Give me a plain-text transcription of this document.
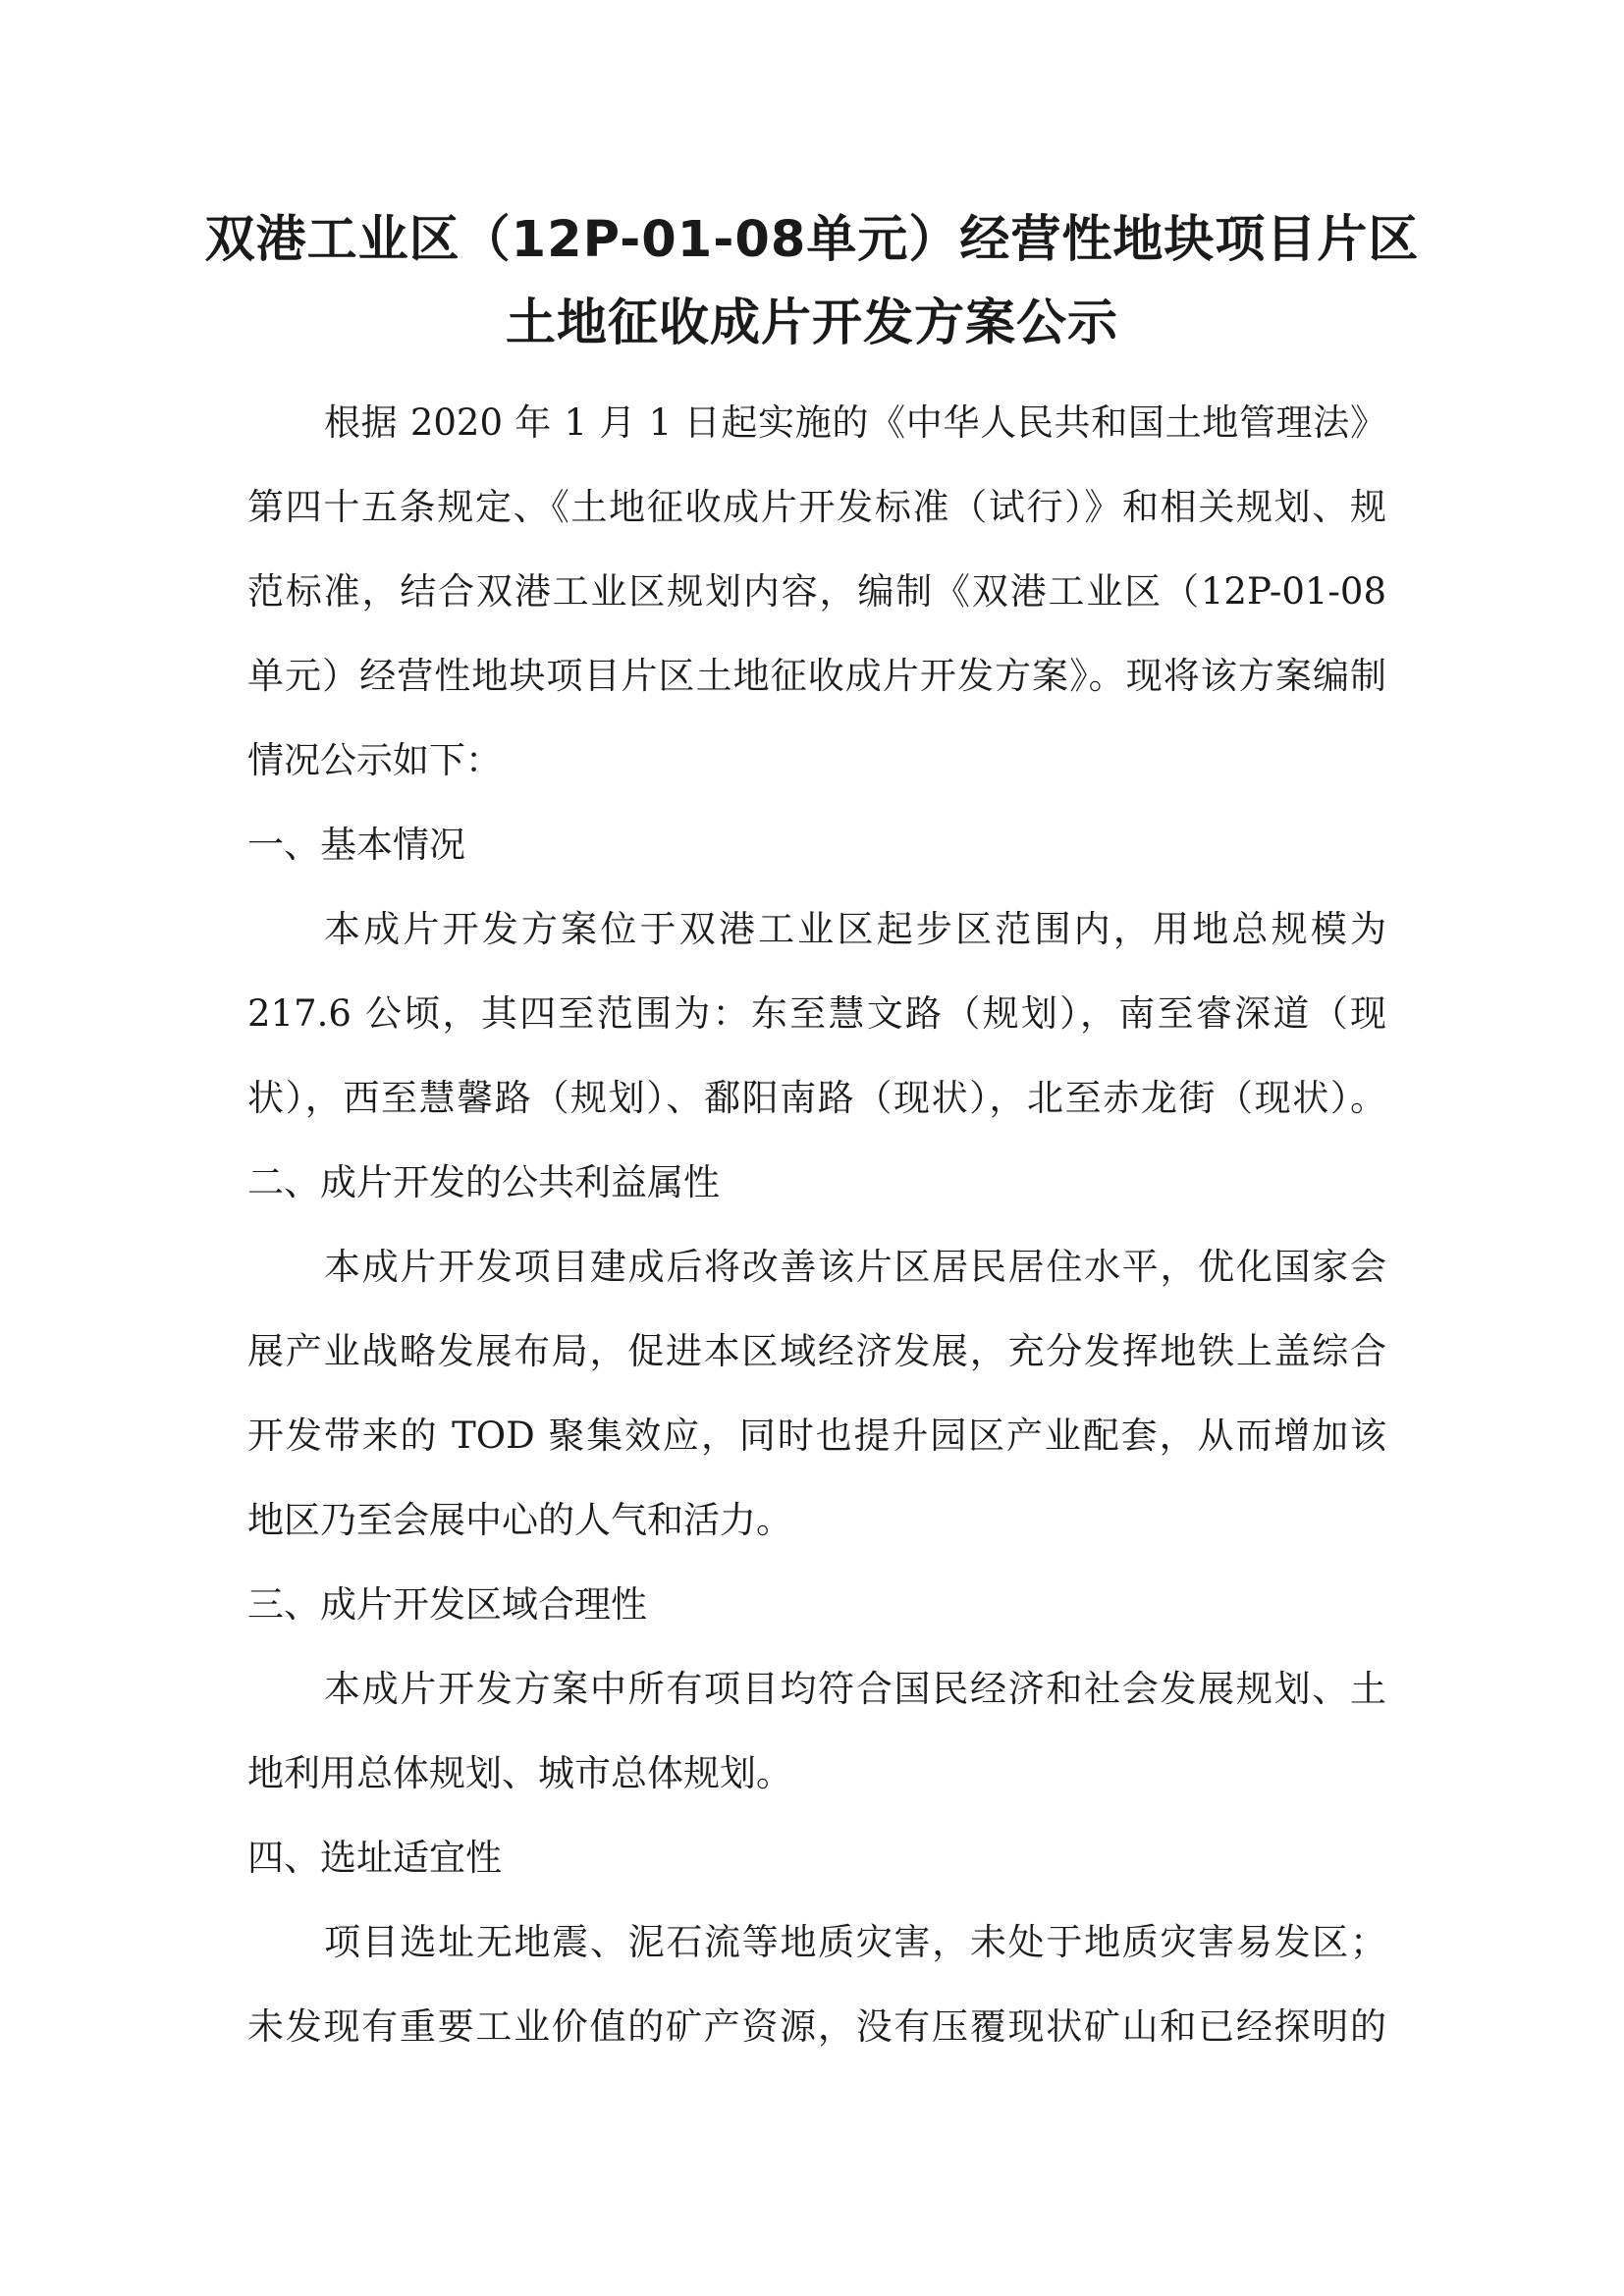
双港工业区（12P-01-08单元）经营性地块项目片区
土地征收成片开发方案公示
根据 2020 年 1 月 1 日起实施的《中华人民共和国土地管理法》
第四十五条规定、《土地征收成片开发标准（试行）》和相关规划、规
范标准，结合双港工业区规划内容，编制《双港工业区（12P-01-08
单元）经营性地块项目片区土地征收成片开发方案》。现将该方案编制
情况公示如下：
一、基本情况
本成片开发方案位于双港工业区起步区范围内，用地总规模为
217.6 公顷，其四至范围为：东至慧文路（规划），南至睿深道（现
状），西至慧馨路（规划）、鄱阳南路（现状），北至赤龙街（现状）。
二、成片开发的公共利益属性
本成片开发项目建成后将改善该片区居民居住水平，优化国家会
展产业战略发展布局，促进本区域经济发展，充分发挥地铁上盖综合
开发带来的 TOD 聚集效应，同时也提升园区产业配套，从而增加该
地区乃至会展中心的人气和活力。
三、成片开发区域合理性
本成片开发方案中所有项目均符合国民经济和社会发展规划、土
地利用总体规划、城市总体规划。
四、选址适宜性
项目选址无地震、泥石流等地质灾害，未处于地质灾害易发区；
未发现有重要工业价值的矿产资源，没有压覆现状矿山和已经探明的
